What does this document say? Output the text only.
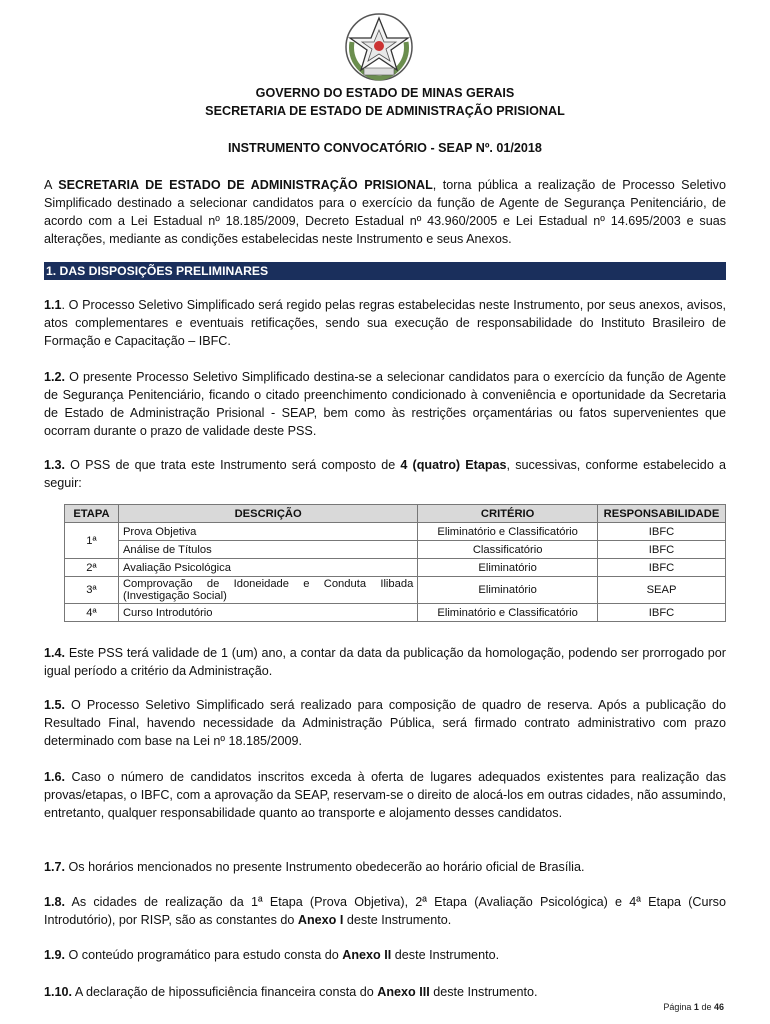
GOVERNO DO ESTADO DE MINAS GERAIS
SECRETARIA DE ESTADO DE ADMINISTRAÇÃO PRISIONAL
INSTRUMENTO CONVOCATÓRIO - SEAP Nº. 01/2018
A SECRETARIA DE ESTADO DE ADMINISTRAÇÃO PRISIONAL, torna pública a realização de Processo Seletivo Simplificado destinado a selecionar candidatos para o exercício da função de Agente de Segurança Penitenciário, de acordo com a Lei Estadual nº 18.185/2009, Decreto Estadual nº 43.960/2005 e Lei Estadual nº 14.695/2003 e suas alterações, mediante as condições estabelecidas neste Instrumento e seus Anexos.
1. DAS DISPOSIÇÕES PRELIMINARES
1.1. O Processo Seletivo Simplificado será regido pelas regras estabelecidas neste Instrumento, por seus anexos, avisos, atos complementares e eventuais retificações, sendo sua execução de responsabilidade do Instituto Brasileiro de Formação e Capacitação – IBFC.
1.2. O presente Processo Seletivo Simplificado destina-se a selecionar candidatos para o exercício da função de Agente de Segurança Penitenciário, ficando o citado preenchimento condicionado à conveniência e oportunidade da Secretaria de Estado de Administração Prisional - SEAP, bem como às restrições orçamentárias ou fatos supervenientes que ocorram durante o prazo de validade deste PSS.
1.3. O PSS de que trata este Instrumento será composto de 4 (quatro) Etapas, sucessivas, conforme estabelecido a seguir:
ETAPA	DESCRIÇÃO	CRITÉRIO	RESPONSABILIDADE
1ª	Prova Objetiva	Eliminatório e Classificatório	IBFC
	Análise de Títulos	Classificatório	IBFC
2ª	Avaliação Psicológica	Eliminatório	IBFC
3ª	Comprovação de Idoneidade e Conduta Ilibada (Investigação Social)	Eliminatório	SEAP
4ª	Curso Introdutório	Eliminatório e Classificatório	IBFC
1.4. Este PSS terá validade de 1 (um) ano, a contar da data da publicação da homologação, podendo ser prorrogado por igual período a critério da Administração.
1.5. O Processo Seletivo Simplificado será realizado para composição de quadro de reserva. Após a publicação do Resultado Final, havendo necessidade da Administração Pública, será firmado contrato administrativo com prazo determinado com base na Lei nº 18.185/2009.
1.6. Caso o número de candidatos inscritos exceda à oferta de lugares adequados existentes para realização das provas/etapas, o IBFC, com a aprovação da SEAP, reservam-se o direito de alocá-los em outras cidades, não assumindo, entretanto, qualquer responsabilidade quanto ao transporte e alojamento desses candidatos.
1.7. Os horários mencionados no presente Instrumento obedecerão ao horário oficial de Brasília.
1.8. As cidades de realização da 1ª Etapa (Prova Objetiva), 2ª Etapa (Avaliação Psicológica) e 4ª Etapa (Curso Introdutório), por RISP, são as constantes do Anexo I deste Instrumento.
1.9. O conteúdo programático para estudo consta do Anexo II deste Instrumento.
1.10. A declaração de hipossuficiência financeira consta do Anexo III deste Instrumento.
Página 1 de 46
